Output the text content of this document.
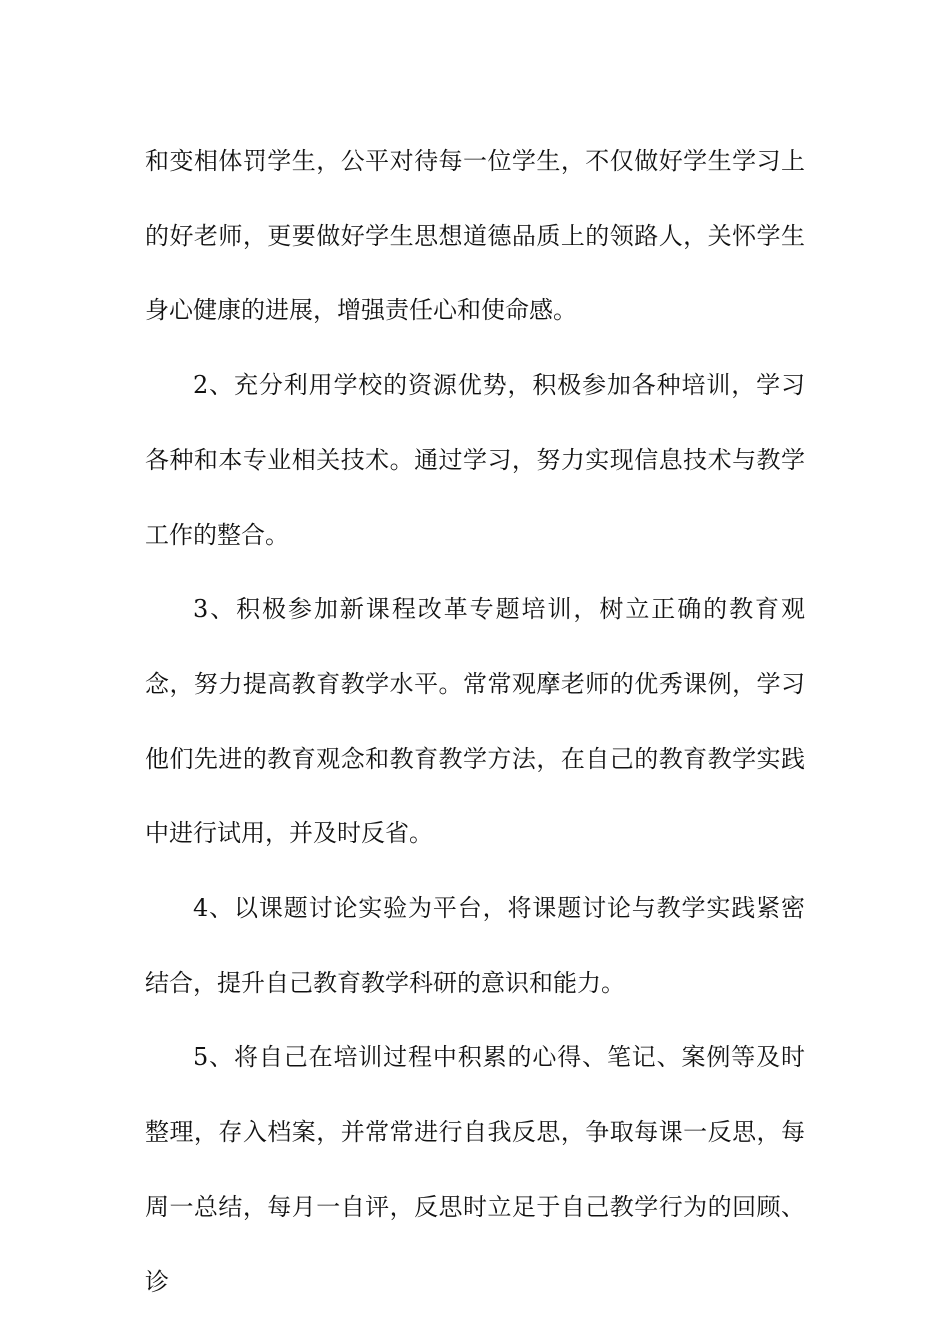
和变相体罚学生，公平对待每一位学生，不仅做好学生学习上的好老师，更要做好学生思想道德品质上的领路人，关怀学生身心健康的进展，增强责任心和使命感。

2、充分利用学校的资源优势，积极参加各种培训，学习各种和本专业相关技术。通过学习，努力实现信息技术与教学工作的整合。

3、积极参加新课程改革专题培训，树立正确的教育观念，努力提高教育教学水平。常常观摩老师的优秀课例，学习他们先进的教育观念和教育教学方法，在自己的教育教学实践中进行试用，并及时反省。

4、以课题讨论实验为平台，将课题讨论与教学实践紧密结合，提升自己教育教学科研的意识和能力。

5、将自己在培训过程中积累的心得、笔记、案例等及时整理，存入档案，并常常进行自我反思，争取每课一反思，每周一总结，每月一自评，反思时立足于自己教学行为的回顾、诊
